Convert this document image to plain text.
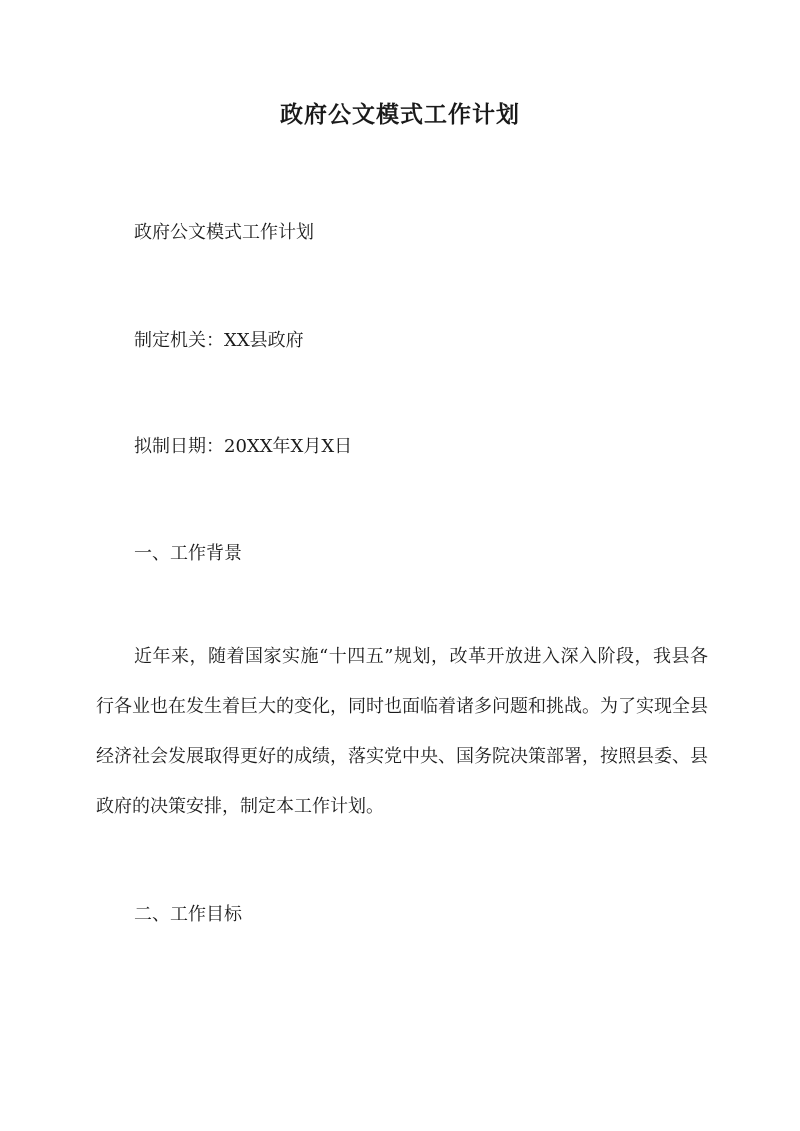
政府公文模式工作计划

政府公文模式工作计划

制定机关：XX县政府

拟制日期：20XX年X月X日

一、工作背景

近年来，随着国家实施“十四五”规划，改革开放进入深入阶段，我县各行各业也在发生着巨大的变化，同时也面临着诸多问题和挑战。为了实现全县经济社会发展取得更好的成绩，落实党中央、国务院决策部署，按照县委、县政府的决策安排，制定本工作计划。

二、工作目标
